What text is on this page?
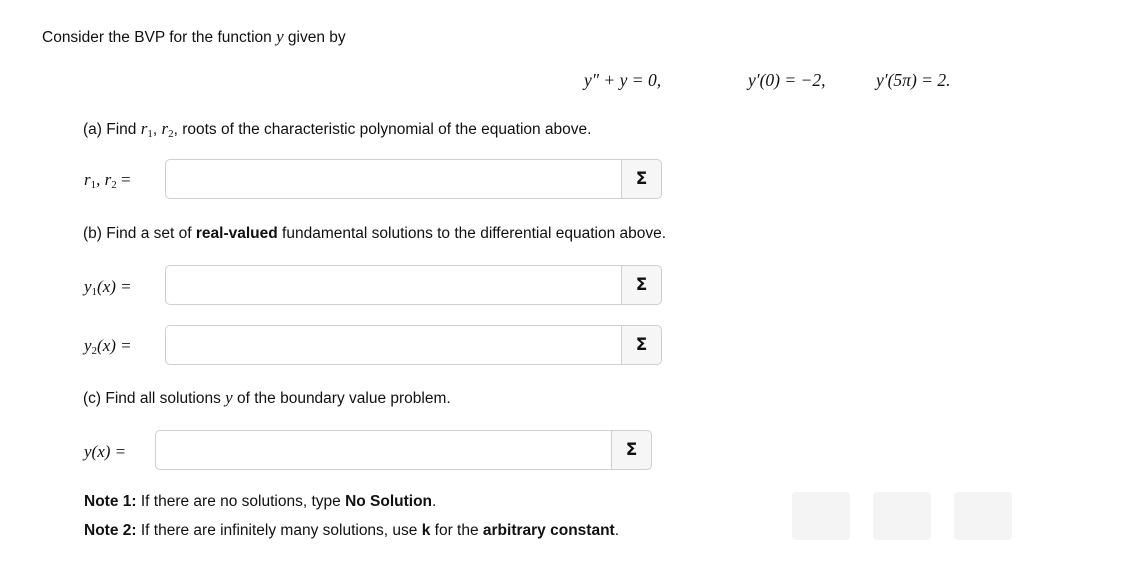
Consider the BVP for the function y given by
y″ + y = 0,	y′(0) = −2,	y′(5π) = 2.
(a) Find $r_1$, $r_2$, roots of the characteristic polynomial of the equation above.
$r_1$, $r_2$ =	Σ
(b) Find a set of real-valued fundamental solutions to the differential equation above.
$y_1(x)$ =	Σ
$y_2(x)$ =	Σ
(c) Find all solutions y of the boundary value problem.
y(x) =	Σ
Note 1: If there are no solutions, type No Solution.
Note 2: If there are infinitely many solutions, use k for the arbitrary constant.
